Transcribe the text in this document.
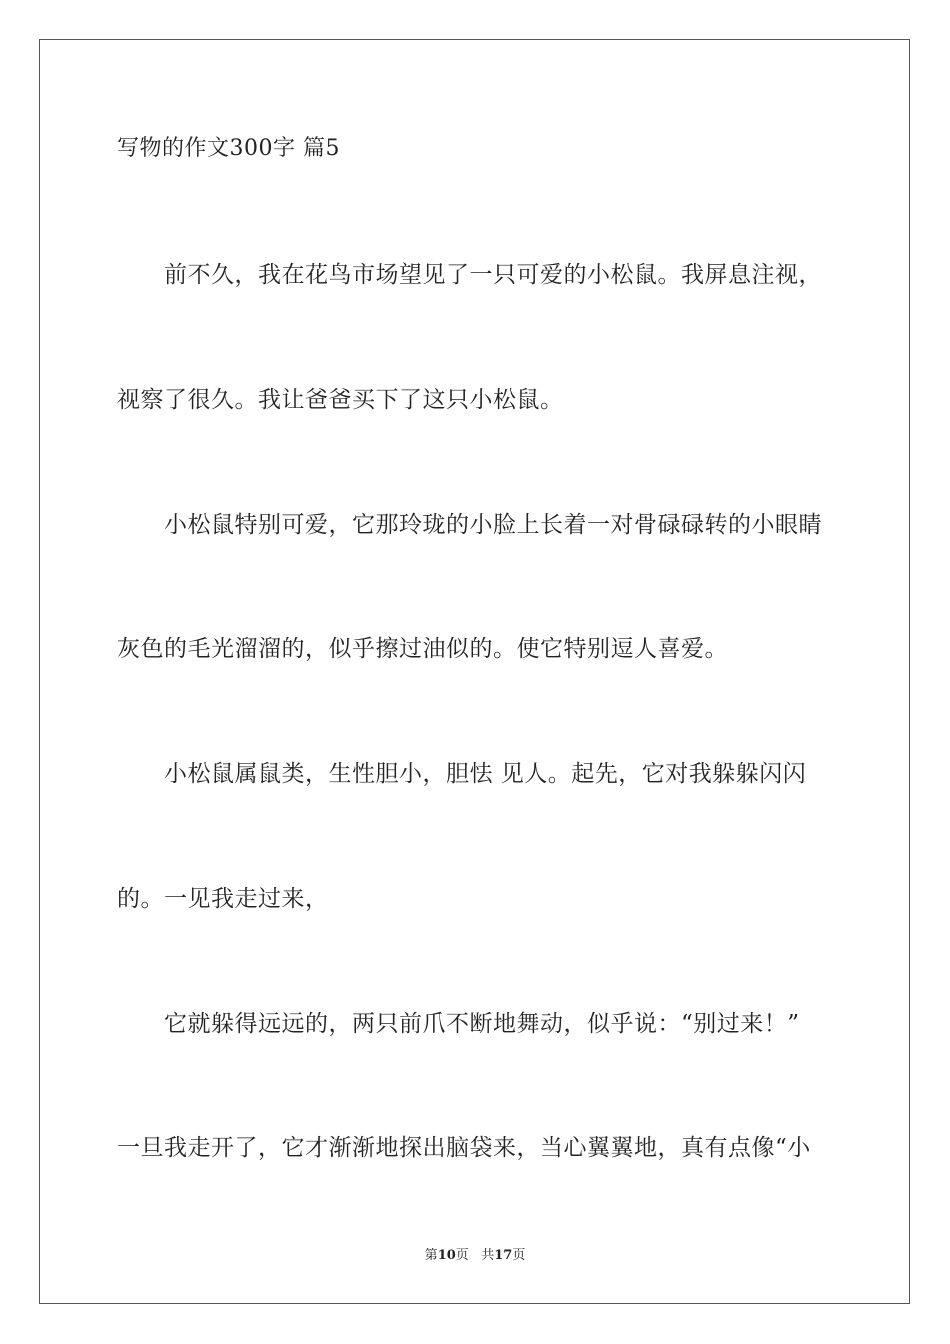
写物的作文300字 篇5
前不久，我在花鸟市场望见了一只可爱的小松鼠。我屏息注视，
视察了很久。我让爸爸买下了这只小松鼠。
小松鼠特别可爱，它那玲珑的小脸上长着一对骨碌碌转的小眼睛
灰色的毛光溜溜的，似乎擦过油似的。使它特别逗人喜爱。
小松鼠属鼠类，生性胆小，胆怯 见人。起先，它对我躲躲闪闪
的。一见我走过来，
它就躲得远远的，两只前爪不断地舞动，似乎说：“别过来！”
一旦我走开了，它才渐渐地探出脑袋来，当心翼翼地，真有点像“小
第10页 共17页
